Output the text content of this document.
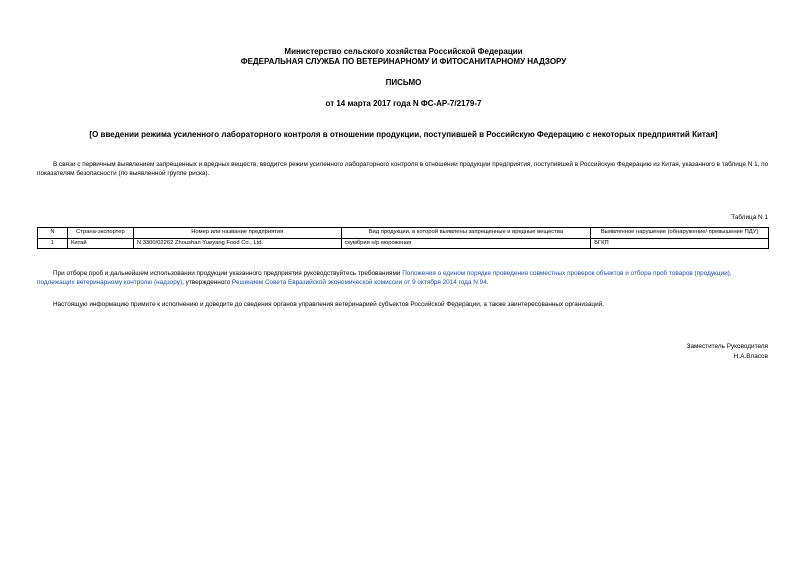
Министерство сельского хозяйства Российской Федерации
ФЕДЕРАЛЬНАЯ СЛУЖБА ПО ВЕТЕРИНАРНОМУ И ФИТОСАНИТАРНОМУ НАДЗОРУ
ПИСЬМО
от 14 марта 2017 года N ФС-АР-7/2179-7
[О введении режима усиленного лабораторного контроля в отношении продукции, поступившей в Российскую Федерацию с некоторых предприятий Китая]
В связи с первичным выявлением запрещенных и вредных веществ, вводится режим усиленного лабораторного контроля в отношении продукции предприятия, поступившей в Российскую Федерацию из Китая, указанного в таблице N 1, по показателям безопасности (по выявленной группе риска).
Таблица N 1
N	Страна-экспортер	Номер или название предприятия	Вид продукции, в которой выявлены запрещенные и вредные вещества	Выявленное нарушение (обнаружение/ превышение ПДУ)
1	Китай	N 3300/02262 Zhoushan Yueyang Food Co., Ltd.	скумбрия н/р мороженая	БГКП
При отборе проб и дальнейшем использовании продукции указанного предприятия руководствуйтесь требованиями Положения о едином порядке проведения совместных проверок объектов и отбора проб товаров (продукции), подлежащих ветеринарному контролю (надзору), утвержденного Решением Совета Евразийской экономической комиссии от 9 октября 2014 года N 94.
Настоящую информацию примите к исполнению и доведите до сведения органов управления ветеринарией субъектов Российской Федерации, а также заинтересованных организаций.
Заместитель Руководителя
Н.А.Власов
